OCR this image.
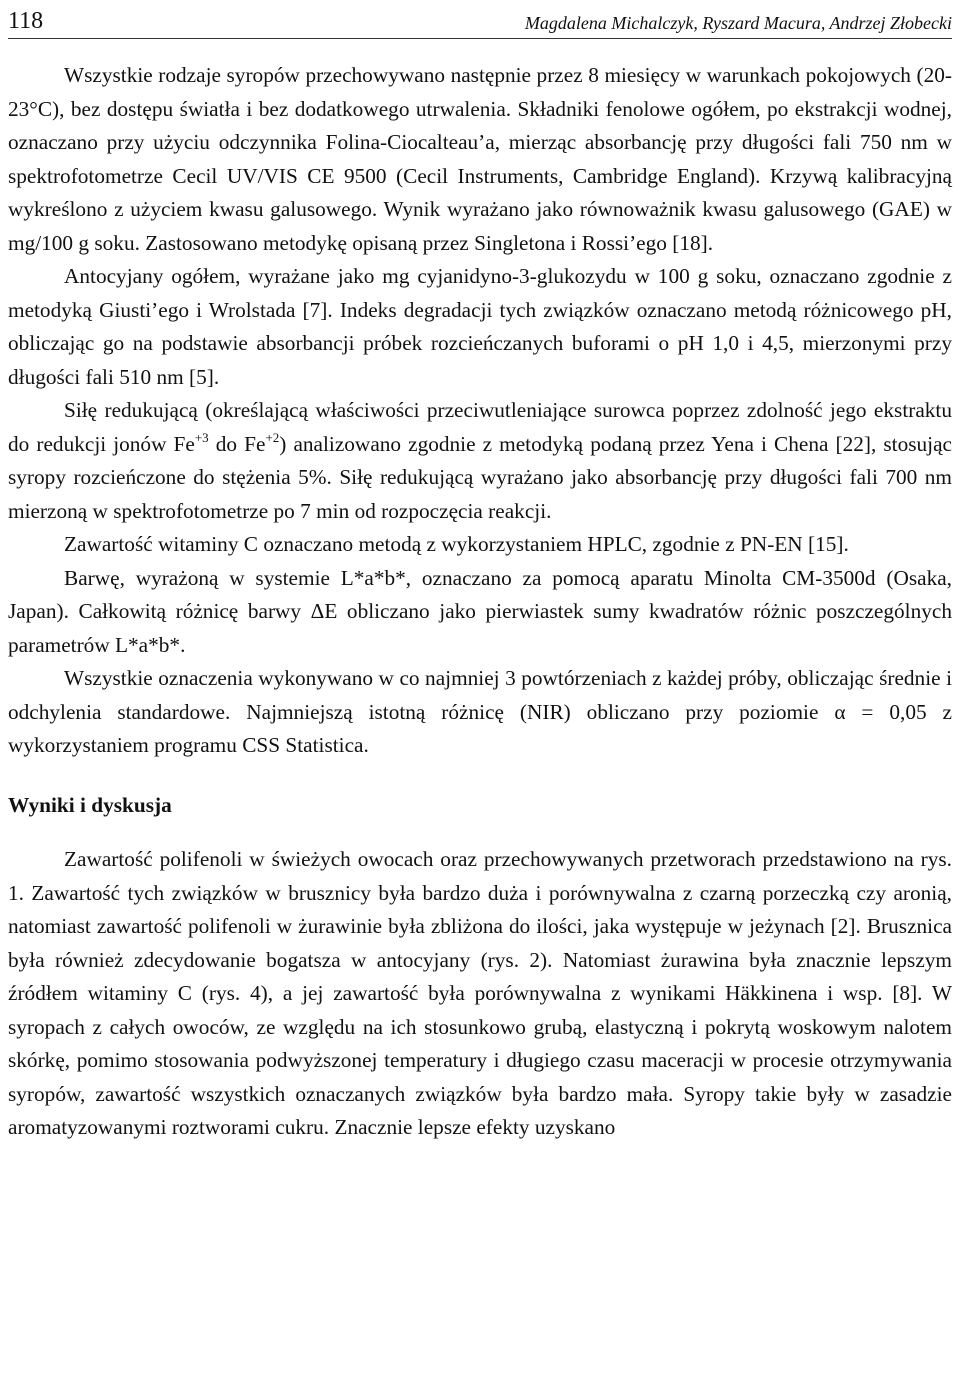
118	Magdalena Michalczyk, Ryszard Macura, Andrzej Złobecki

Wszystkie rodzaje syropów przechowywano następnie przez 8 miesięcy w warunkach pokojowych (20-23°C), bez dostępu światła i bez dodatkowego utrwalenia. Składniki fenolowe ogółem, po ekstrakcji wodnej, oznaczano przy użyciu odczynnika Folina-Ciocalteau’a, mierząc absorbancję przy długości fali 750 nm w spektrofotometrze Cecil UV/VIS CE 9500 (Cecil Instruments, Cambridge England). Krzywą kalibracyjną wykreślono z użyciem kwasu galusowego. Wynik wyrażano jako równoważnik kwasu galusowego (GAE) w mg/100 g soku. Zastosowano metodykę opisaną przez Singletona i Rossi’ego [18].

Antocyjany ogółem, wyrażane jako mg cyjanidyno-3-glukozydu w 100 g soku, oznaczano zgodnie z metodyką Giusti’ego i Wrolstada [7]. Indeks degradacji tych związków oznaczano metodą różnicowego pH, obliczając go na podstawie absorbancji próbek rozcieńczanych buforami o pH 1,0 i 4,5, mierzonymi przy długości fali 510 nm [5].

Siłę redukującą (określającą właściwości przeciwutleniające surowca poprzez zdolność jego ekstraktu do redukcji jonów $Fe^{+3}$ do $Fe^{+2}$) analizowano zgodnie z metodyką podaną przez Yena i Chena [22], stosując syropy rozcieńczone do stężenia 5%. Siłę redukującą wyrażano jako absorbancję przy długości fali 700 nm mierzoną w spektrofotometrze po 7 min od rozpoczęcia reakcji.

Zawartość witaminy C oznaczano metodą z wykorzystaniem HPLC, zgodnie z PN-EN [15].

Barwę, wyrażoną w systemie L*a*b*, oznaczano za pomocą aparatu Minolta CM-3500d (Osaka, Japan). Całkowitą różnicę barwy ΔE obliczano jako pierwiastek sumy kwadratów różnic poszczególnych parametrów L*a*b*.

Wszystkie oznaczenia wykonywano w co najmniej 3 powtórzeniach z każdej próby, obliczając średnie i odchylenia standardowe. Najmniejszą istotną różnicę (NIR) obliczano przy poziomie α = 0,05 z wykorzystaniem programu CSS Statistica.

Wyniki i dyskusja

Zawartość polifenoli w świeżych owocach oraz przechowywanych przetworach przedstawiono na rys. 1. Zawartość tych związków w brusznicy była bardzo duża i porównywalna z czarną porzeczką czy aronią, natomiast zawartość polifenoli w żurawinie była zbliżona do ilości, jaka występuje w jeżynach [2]. Brusznica była również zdecydowanie bogatsza w antocyjany (rys. 2). Natomiast żurawina była znacznie lepszym źródłem witaminy C (rys. 4), a jej zawartość była porównywalna z wynikami Häkkinena i wsp. [8]. W syropach z całych owoców, ze względu na ich stosunkowo grubą, elastyczną i pokrytą woskowym nalotem skórkę, pomimo stosowania podwyższonej temperatury i długiego czasu maceracji w procesie otrzymywania syropów, zawartość wszystkich oznaczanych związków była bardzo mała. Syropy takie były w zasadzie aromatyzowanymi roztworami cukru. Znacznie lepsze efekty uzyskano
